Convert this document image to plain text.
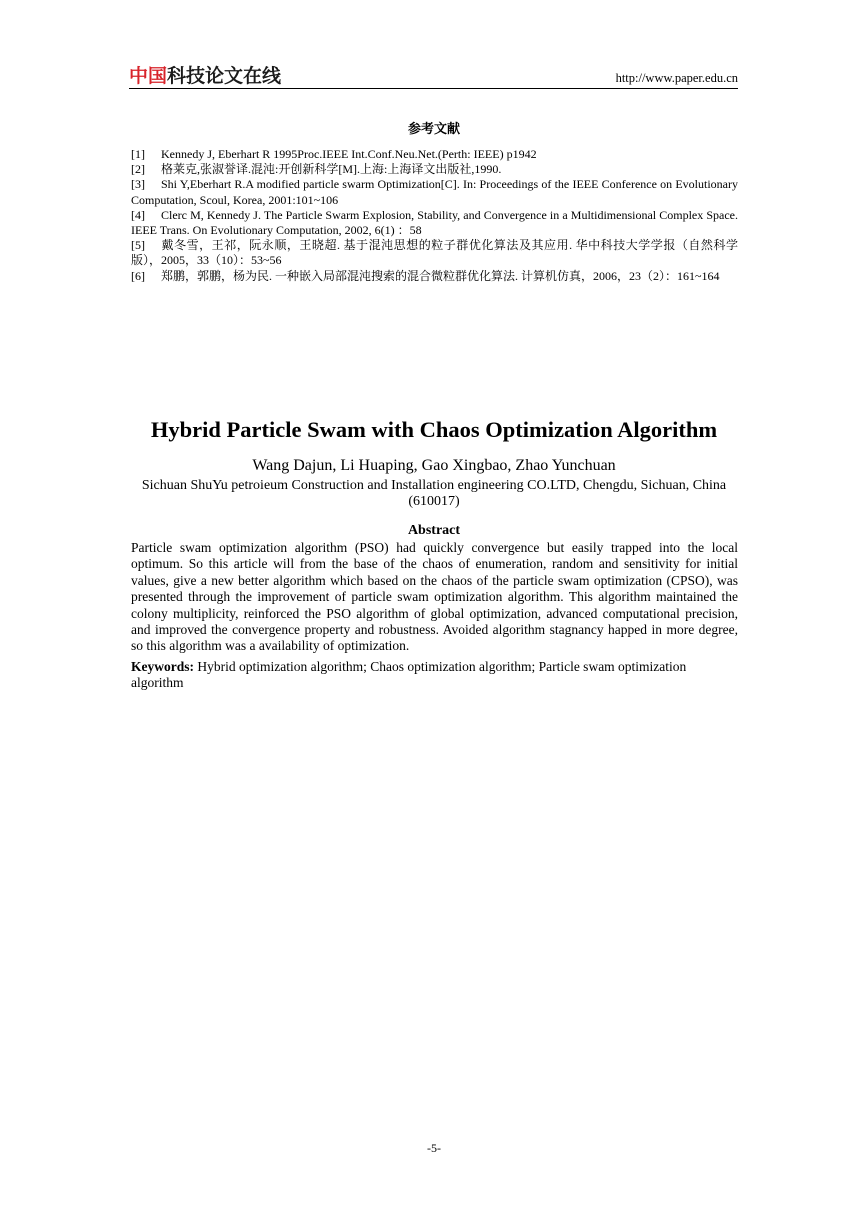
中国科技论文在线	http://www.paper.edu.cn
参考文献
[1] Kennedy J, Eberhart R 1995Proc.IEEE Int.Conf.Neu.Net.(Perth: IEEE) p1942
[2] 格莱克,张淑誉译.混沌:开创新科学[M].上海:上海译文出版社,1990.
[3] Shi Y,Eberhart R.A modified particle swarm Optimization[C]. In: Proceedings of the IEEE Conference on Evolutionary Computation, Scoul, Korea, 2001:101~106
[4] Clerc M, Kennedy J. The Particle Swarm Explosion, Stability, and Convergence in a Multidimensional Complex Space. IEEE Trans. On Evolutionary Computation, 2002, 6(1) ：58
[5] 戴冬雪，王祁，阮永顺，王晓超. 基于混沌思想的粒子群优化算法及其应用. 华中科技大学学报（自然科学版），2005，33（10）：53~56
[6] 郑鹏，郭鹏，杨为民. 一种嵌入局部混沌搜索的混合微粒群优化算法. 计算机仿真，2006，23（2）：161~164
Hybrid Particle Swam with Chaos Optimization Algorithm
Wang Dajun, Li Huaping, Gao Xingbao, Zhao Yunchuan
Sichuan ShuYu petroieum Construction and Installation engineering CO.LTD, Chengdu, Sichuan, China (610017)
Abstract
Particle swam optimization algorithm (PSO) had quickly convergence but easily trapped into the local optimum. So this article will from the base of the chaos of enumeration, random and sensitivity for initial values, give a new better algorithm which based on the chaos of the particle swam optimization (CPSO), was presented through the improvement of particle swam optimization algorithm. This algorithm maintained the colony multiplicity, reinforced the PSO algorithm of global optimization, advanced computational precision, and improved the convergence property and robustness. Avoided algorithm stagnancy happed in more degree, so this algorithm was a availability of optimization.
Keywords: Hybrid optimization algorithm; Chaos optimization algorithm; Particle swam optimization algorithm
-5-
